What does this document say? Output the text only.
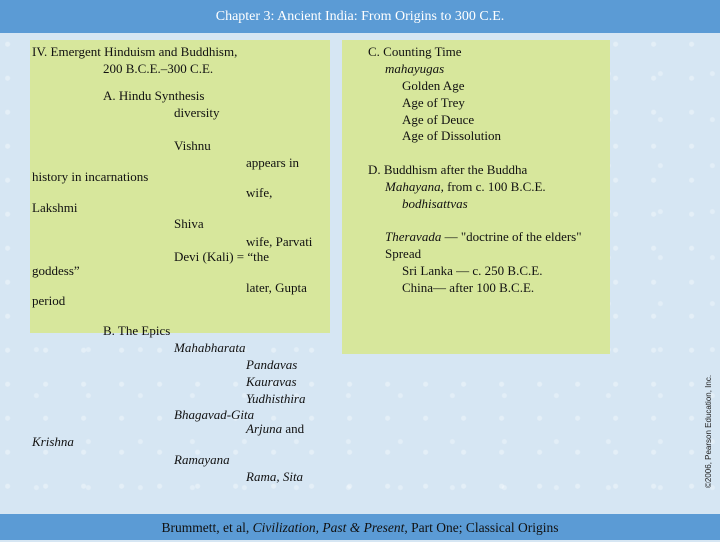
Chapter 3: Ancient India: From Origins to 300 C.E.
IV. Emergent Hinduism and Buddhism,
200 B.C.E.–300 C.E.
A. Hindu Synthesis
diversity
Vishnu
appears in
history in incarnations
wife,
Lakshmi
Shiva
wife, Parvati
Devi (Kali) = “the
goddess”
later, Gupta
period
B. The Epics
Mahabharata
Pandavas
Kauravas
Yudhisthira
Bhagavad-Gita
Arjuna and
Krishna
Ramayana
Rama, Sita
C. Counting Time
mahayugas
Golden Age
Age of Trey
Age of Deuce
Age of Dissolution
D. Buddhism after the Buddha
Mahayana, from c. 100 B.C.E.
bodhisattvas
Theravada — "doctrine of the elders"
Spread
Sri Lanka — c. 250 B.C.E.
China— after 100 B.C.E.
©2006, Pearson Education, Inc.
Brummett, et al, Civilization, Past & Present, Part One; Classical Origins
